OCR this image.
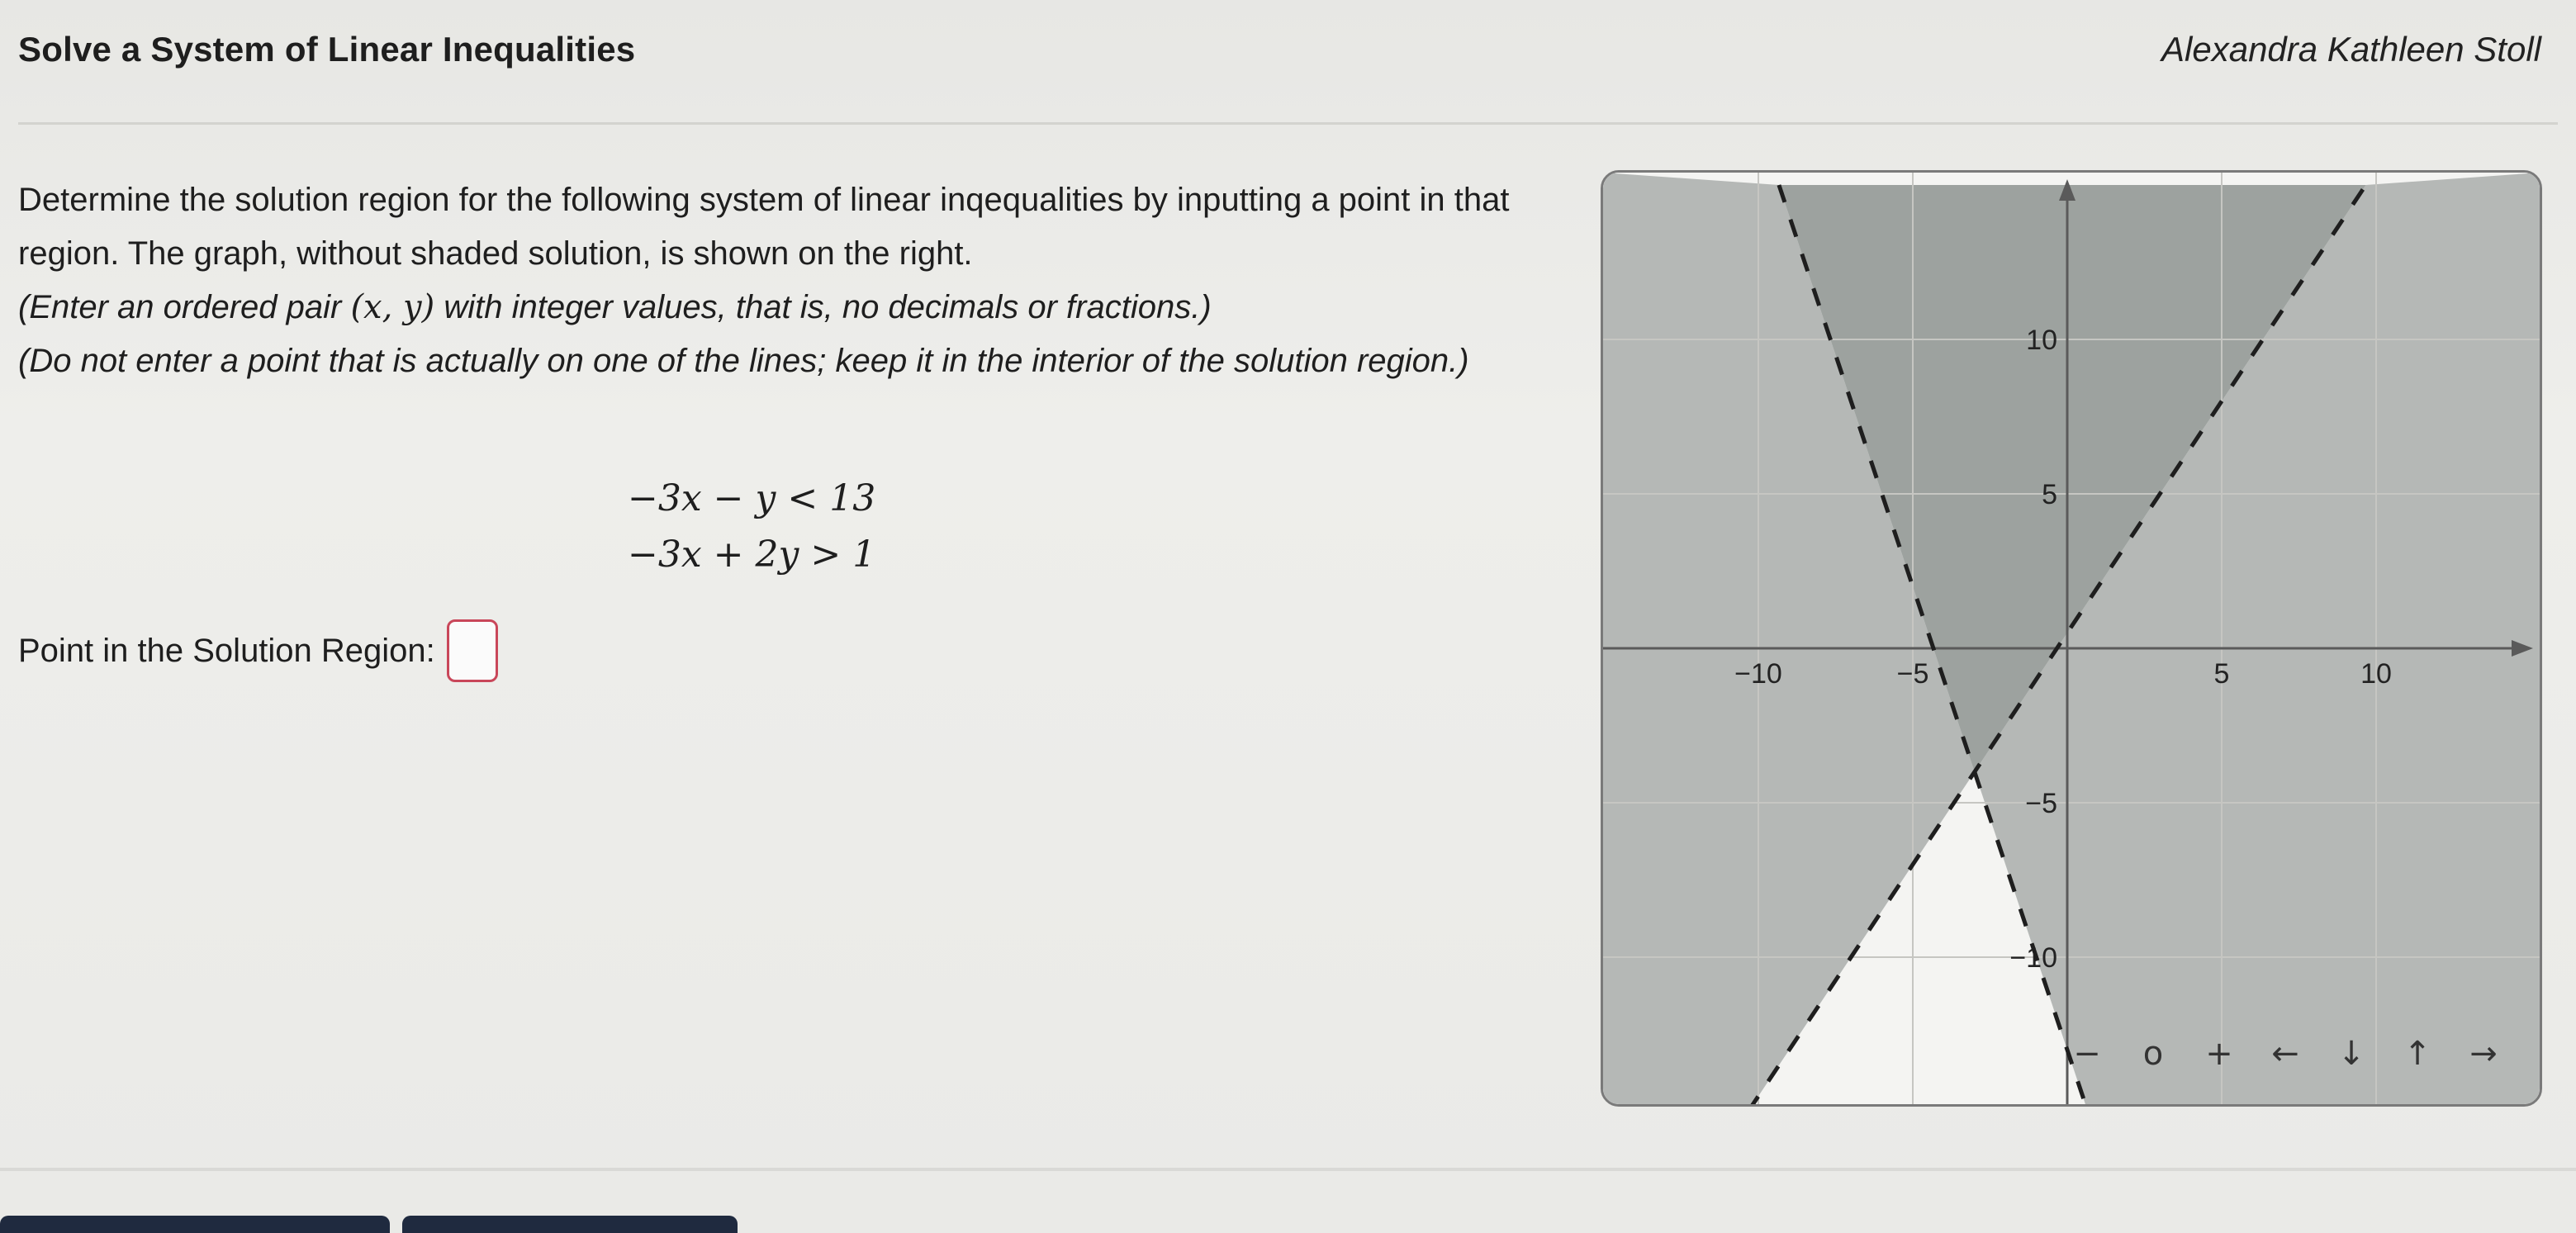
Solve a System of Linear Inequalities	Alexandra Kathleen Stoll

Determine the solution region for the following system of linear inqequalities by inputting a point in that region. The graph, without shaded solution, is shown on the right.

(Enter an ordered pair (x, y) with integer values, that is, no decimals or fractions.)

(Do not enter a point that is actually on one of the lines; keep it in the interior of the solution region.)

−3x − y < 13
−3x + 2y > 1
Point in the Solution Region:
−10	−5	5	10
10
5
−5
−10
− o + ← ↓ ↑ →
